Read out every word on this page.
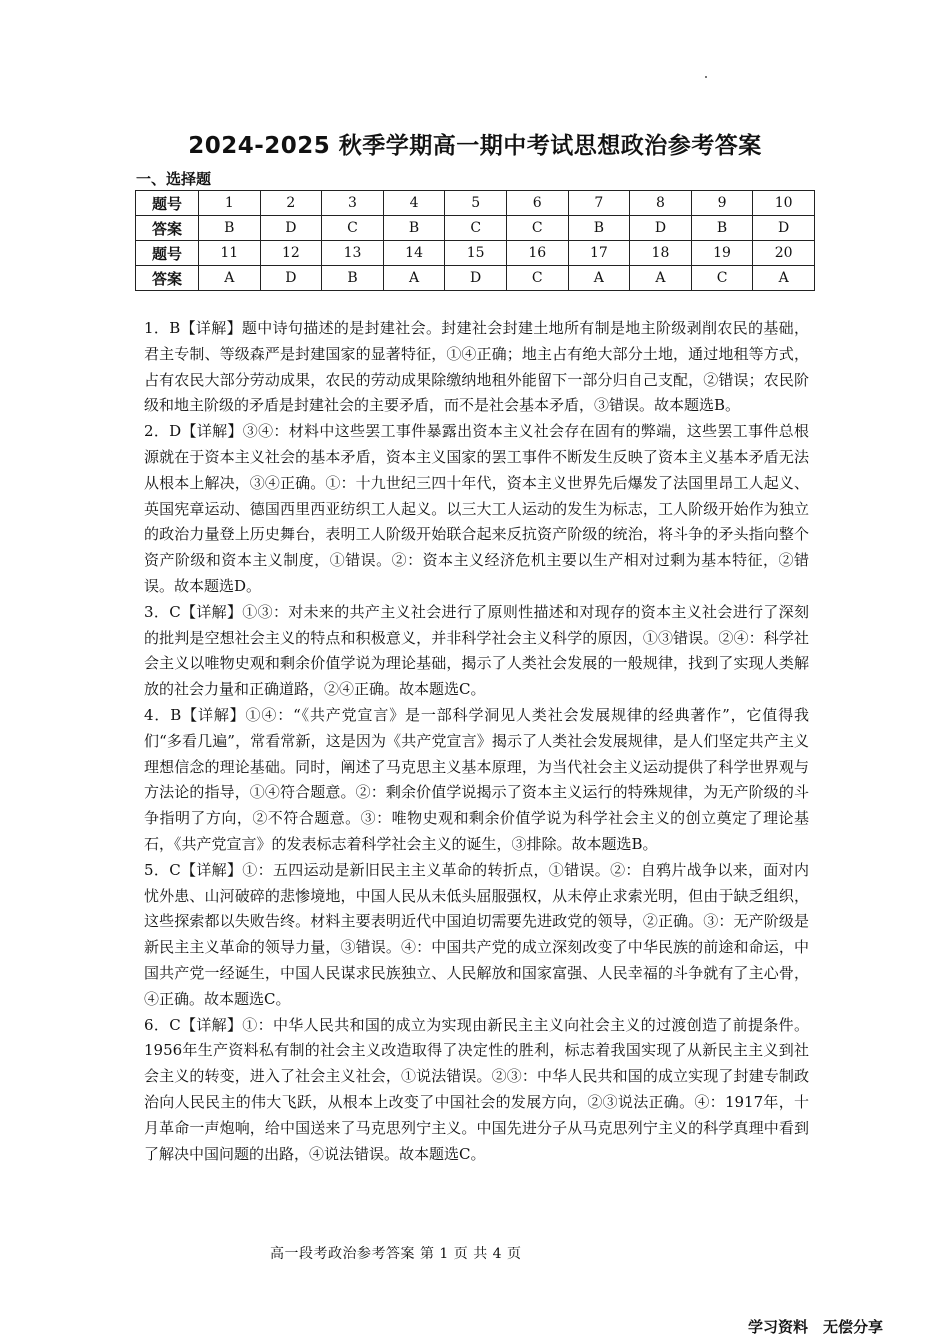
2024-2025 秋季学期高一期中考试思想政治参考答案
一、选择题
题号	1	2	3	4	5	6	7	8	9	10
答案	B	D	C	B	C	C	B	D	B	D
题号	11	12	13	14	15	16	17	18	19	20
答案	A	D	B	A	D	C	A	A	C	A

1．B【详解】题中诗句描述的是封建社会。封建社会封建土地所有制是地主阶级剥削农民的基础，君主专制、等级森严是封建国家的显著特征，①④正确；地主占有绝大部分土地，通过地租等方式，占有农民大部分劳动成果，农民的劳动成果除缴纳地租外能留下一部分归自己支配，②错误；农民阶级和地主阶级的矛盾是封建社会的主要矛盾，而不是社会基本矛盾，③错误。故本题选B。

2．D【详解】③④：材料中这些罢工事件暴露出资本主义社会存在固有的弊端，这些罢工事件总根源就在于资本主义社会的基本矛盾，资本主义国家的罢工事件不断发生反映了资本主义基本矛盾无法从根本上解决，③④正确。①：十九世纪三四十年代，资本主义世界先后爆发了法国里昂工人起义、英国宪章运动、德国西里西亚纺织工人起义。以三大工人运动的发生为标志，工人阶级开始作为独立的政治力量登上历史舞台，表明工人阶级开始联合起来反抗资产阶级的统治，将斗争的矛头指向整个资产阶级和资本主义制度，①错误。②：资本主义经济危机主要以生产相对过剩为基本特征，②错误。故本题选D。

3．C【详解】①③：对未来的共产主义社会进行了原则性描述和对现存的资本主义社会进行了深刻的批判是空想社会主义的特点和积极意义，并非科学社会主义科学的原因，①③错误。②④：科学社会主义以唯物史观和剩余价值学说为理论基础，揭示了人类社会发展的一般规律，找到了实现人类解放的社会力量和正确道路，②④正确。故本题选C。

4．B【详解】①④：“《共产党宣言》是一部科学洞见人类社会发展规律的经典著作”，它值得我们“多看几遍”，常看常新，这是因为《共产党宣言》揭示了人类社会发展规律，是人们坚定共产主义理想信念的理论基础。同时，阐述了马克思主义基本原理，为当代社会主义运动提供了科学世界观与方法论的指导，①④符合题意。②：剩余价值学说揭示了资本主义运行的特殊规律，为无产阶级的斗争指明了方向，②不符合题意。③：唯物史观和剩余价值学说为科学社会主义的创立奠定了理论基石，《共产党宣言》的发表标志着科学社会主义的诞生，③排除。故本题选B。

5．C【详解】①：五四运动是新旧民主主义革命的转折点，①错误。②：自鸦片战争以来，面对内忧外患、山河破碎的悲惨境地，中国人民从未低头屈服强权，从未停止求索光明，但由于缺乏组织，这些探索都以失败告终。材料主要表明近代中国迫切需要先进政党的领导，②正确。③：无产阶级是新民主主义革命的领导力量，③错误。④：中国共产党的成立深刻改变了中华民族的前途和命运，中国共产党一经诞生，中国人民谋求民族独立、人民解放和国家富强、人民幸福的斗争就有了主心骨，④正确。故本题选C。

6．C【详解】①：中华人民共和国的成立为实现由新民主主义向社会主义的过渡创造了前提条件。1956年生产资料私有制的社会主义改造取得了决定性的胜利，标志着我国实现了从新民主主义到社会主义的转变，进入了社会主义社会，①说法错误。②③：中华人民共和国的成立实现了封建专制政治向人民民主的伟大飞跃，从根本上改变了中国社会的发展方向，②③说法正确。④：1917年，十月革命一声炮响，给中国送来了马克思列宁主义。中国先进分子从马克思列宁主义的科学真理中看到了解决中国问题的出路，④说法错误。故本题选C。

高一段考政治参考答案 第 1 页 共 4 页
学习资料　无偿分享
